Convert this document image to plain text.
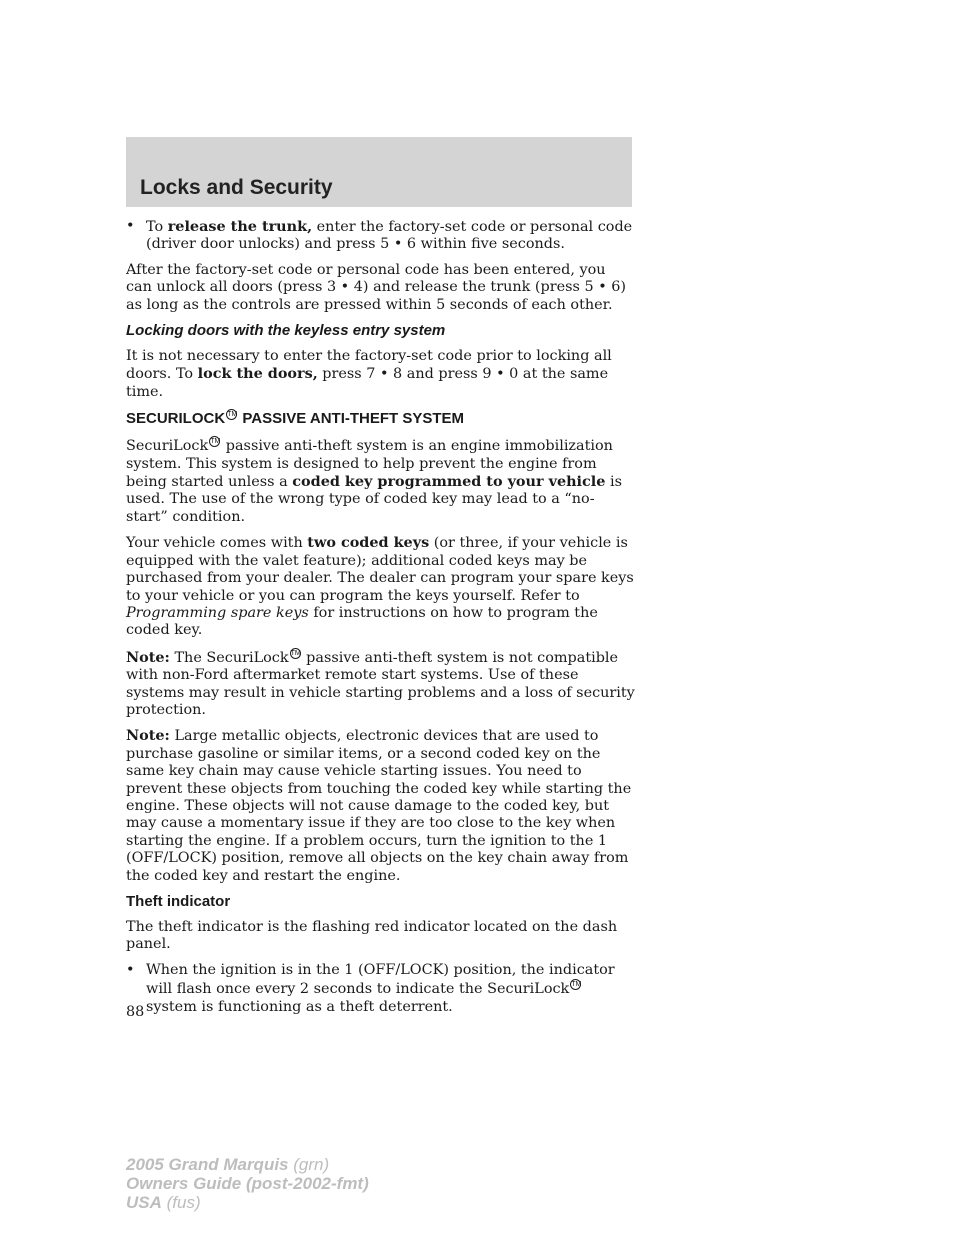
Locks and Security
• To release the trunk, enter the factory-set code or personal code (driver door unlocks) and press 5 • 6 within five seconds.

After the factory-set code or personal code has been entered, you can unlock all doors (press 3 • 4) and release the trunk (press 5 • 6) as long as the controls are pressed within 5 seconds of each other.

Locking doors with the keyless entry system

It is not necessary to enter the factory-set code prior to locking all doors. To lock the doors, press 7 • 8 and press 9 • 0 at the same time.

SECURILOCK TM PASSIVE ANTI-THEFT SYSTEM

SecuriLock TM passive anti-theft system is an engine immobilization system. This system is designed to help prevent the engine from being started unless a coded key programmed to your vehicle is used. The use of the wrong type of coded key may lead to a “no-start” condition.

Your vehicle comes with two coded keys (or three, if your vehicle is equipped with the valet feature); additional coded keys may be purchased from your dealer. The dealer can program your spare keys to your vehicle or you can program the keys yourself. Refer to Programming spare keys for instructions on how to program the coded key.

Note: The SecuriLock TM passive anti-theft system is not compatible with non-Ford aftermarket remote start systems. Use of these systems may result in vehicle starting problems and a loss of security protection.

Note: Large metallic objects, electronic devices that are used to purchase gasoline or similar items, or a second coded key on the same key chain may cause vehicle starting issues. You need to prevent these objects from touching the coded key while starting the engine. These objects will not cause damage to the coded key, but may cause a momentary issue if they are too close to the key when starting the engine. If a problem occurs, turn the ignition to the 1 (OFF/LOCK) position, remove all objects on the key chain away from the coded key and restart the engine.

Theft indicator

The theft indicator is the flashing red indicator located on the dash panel.

• When the ignition is in the 1 (OFF/LOCK) position, the indicator will flash once every 2 seconds to indicate the SecuriLock TM system is functioning as a theft deterrent.
88
2005 Grand Marquis (grn)
Owners Guide (post-2002-fmt)
USA (fus)
